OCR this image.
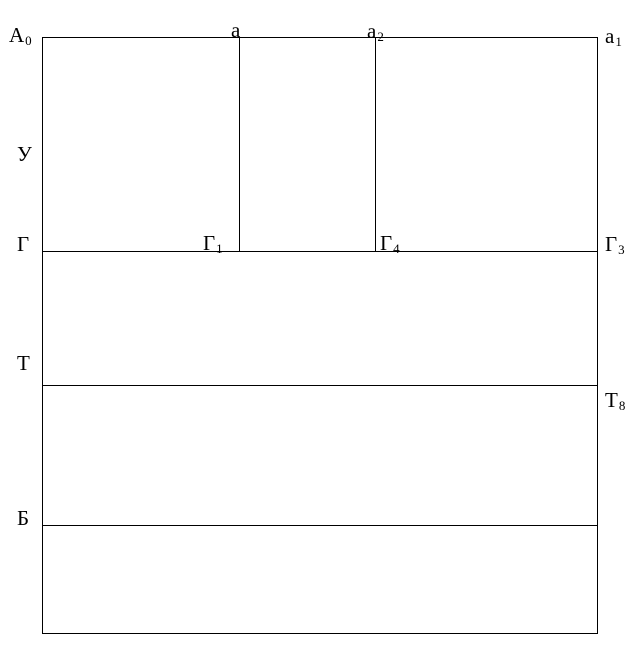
$A_0$	a	$a_2$	$a_1$
У
Г	$Г_1$	$Г_4$	$Г_3$
Т
$Т_8$
Б
